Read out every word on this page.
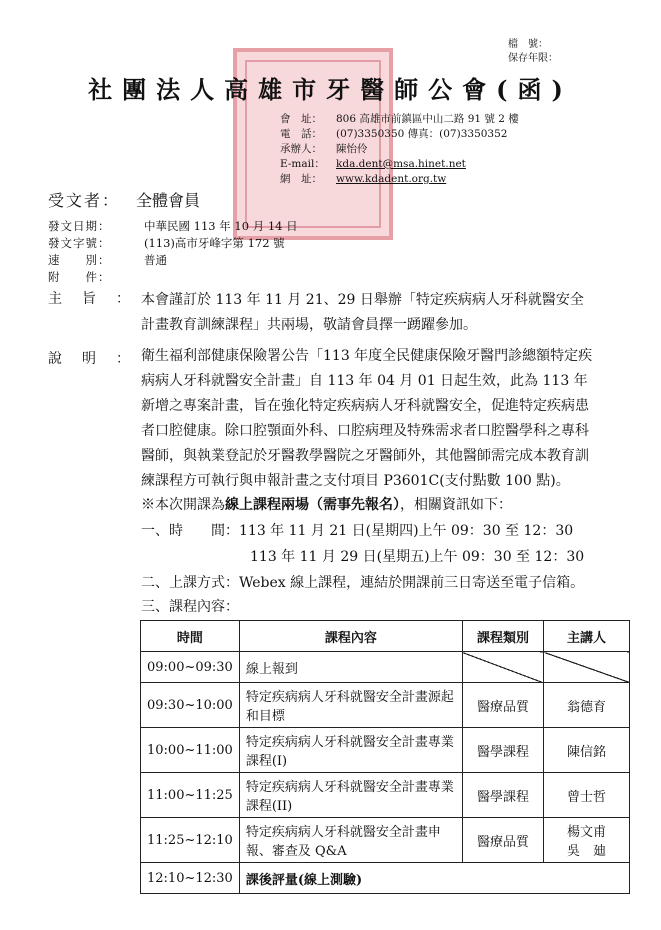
檔　號：
保存年限：
社團法人高雄市牙醫師公會(函)
會　址： 806 高雄市前鎮區中山二路 91 號 2 樓
電　話： (07)3350350 傳真：(07)3350352
承辦人： 陳怡伶
E-mail： kda.dent@msa.hinet.net
網　址： www.kdadent.org.tw
受文者： 全體會員
發文日期：	中華民國 113 年 10 月 14 日
發文字號：	(113)高市牙峰字第 172 號
速　　別：	普通
附　　件：
主旨：
本會謹訂於 113 年 11 月 21、29 日舉辦「特定疾病病人牙科就醫安全計畫教育訓練課程」共兩場，敬請會員擇一踴躍參加。
說明：
衛生福利部健康保險署公告「113 年度全民健康保險牙醫門診總額特定疾病病人牙科就醫安全計畫」自 113 年 04 月 01 日起生效，此為 113 年新增之專案計畫，旨在強化特定疾病病人牙科就醫安全，促進特定疾病患者口腔健康。除口腔顎面外科、口腔病理及特殊需求者口腔醫學科之專科醫師，與執業登記於牙醫教學醫院之牙醫師外，其他醫師需完成本教育訓練課程方可執行與申報計畫之支付項目 P3601C(支付點數 100 點)。
※本次開課為線上課程兩場（需事先報名），相關資訊如下：
一、時　　間：113 年 11 月 21 日(星期四)上午 09：30 至 12：30
113 年 11 月 29 日(星期五)上午 09：30 至 12：30
二、上課方式：Webex 線上課程，連結於開課前三日寄送至電子信箱。
三、課程內容：
時間	課程內容	課程類別	主講人
09:00~09:30	線上報到		
09:30~10:00	特定疾病病人牙科就醫安全計畫源起和目標	醫療品質	翁德育
10:00~11:00	特定疾病病人牙科就醫安全計畫專業課程(I)	醫學課程	陳信銘
11:00~11:25	特定疾病病人牙科就醫安全計畫專業課程(II)	醫學課程	曾士哲
11:25~12:10	特定疾病病人牙科就醫安全計畫申報、審查及 Q&A	醫療品質	楊文甫
吳　廸

12:10~12:30	課後評量(線上測驗)		
